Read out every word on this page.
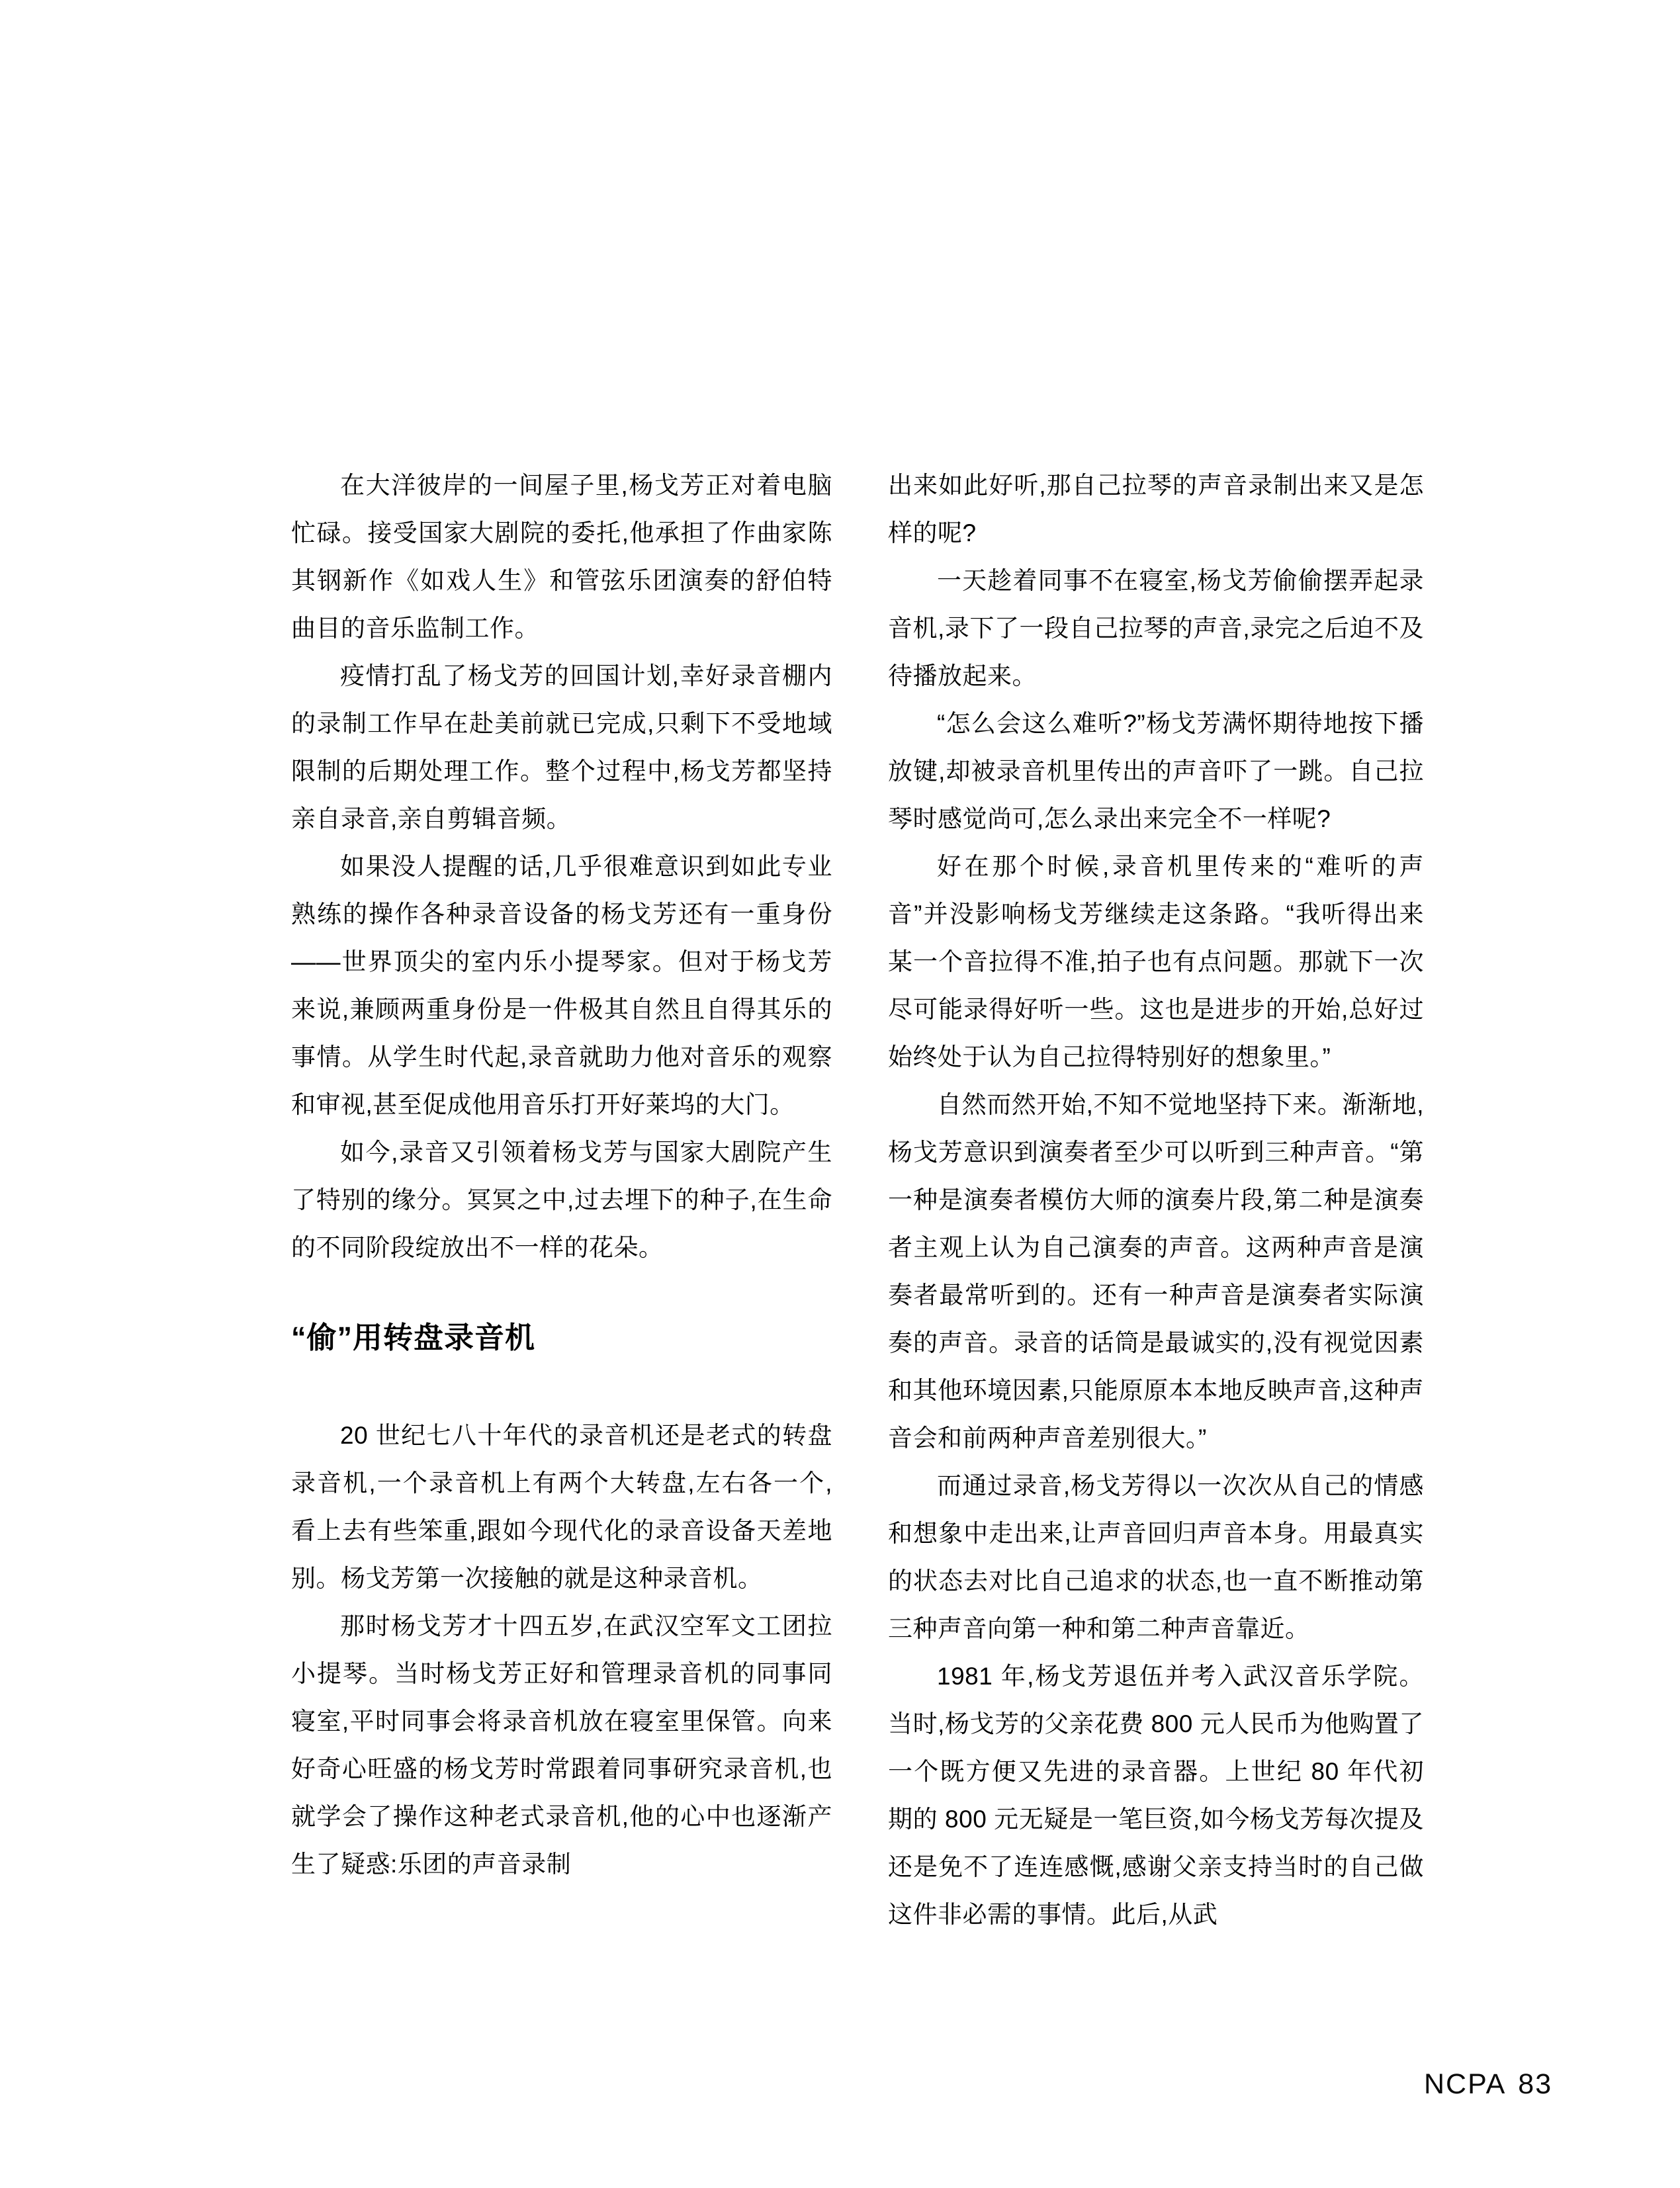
在大洋彼岸的一间屋子里,杨戈芳正对着电脑忙碌。接受国家大剧院的委托,他承担了作曲家陈其钢新作《如戏人生》和管弦乐团演奏的舒伯特曲目的音乐监制工作。

疫情打乱了杨戈芳的回国计划,幸好录音棚内的录制工作早在赴美前就已完成,只剩下不受地域限制的后期处理工作。整个过程中,杨戈芳都坚持亲自录音,亲自剪辑音频。

如果没人提醒的话,几乎很难意识到如此专业熟练的操作各种录音设备的杨戈芳还有一重身份——世界顶尖的室内乐小提琴家。但对于杨戈芳来说,兼顾两重身份是一件极其自然且自得其乐的事情。从学生时代起,录音就助力他对音乐的观察和审视,甚至促成他用音乐打开好莱坞的大门。

如今,录音又引领着杨戈芳与国家大剧院产生了特别的缘分。冥冥之中,过去埋下的种子,在生命的不同阶段绽放出不一样的花朵。

“偷”用转盘录音机

20 世纪七八十年代的录音机还是老式的转盘录音机,一个录音机上有两个大转盘,左右各一个,看上去有些笨重,跟如今现代化的录音设备天差地别。杨戈芳第一次接触的就是这种录音机。

那时杨戈芳才十四五岁,在武汉空军文工团拉小提琴。当时杨戈芳正好和管理录音机的同事同寝室,平时同事会将录音机放在寝室里保管。向来好奇心旺盛的杨戈芳时常跟着同事研究录音机,也就学会了操作这种老式录音机,他的心中也逐渐产生了疑惑:乐团的声音录制

出来如此好听,那自己拉琴的声音录制出来又是怎样的呢?

一天趁着同事不在寝室,杨戈芳偷偷摆弄起录音机,录下了一段自己拉琴的声音,录完之后迫不及待播放起来。

“怎么会这么难听?”杨戈芳满怀期待地按下播放键,却被录音机里传出的声音吓了一跳。自己拉琴时感觉尚可,怎么录出来完全不一样呢?

好在那个时候,录音机里传来的“难听的声音”并没影响杨戈芳继续走这条路。“我听得出来某一个音拉得不准,拍子也有点问题。那就下一次尽可能录得好听一些。这也是进步的开始,总好过始终处于认为自己拉得特别好的想象里。”

自然而然开始,不知不觉地坚持下来。渐渐地,杨戈芳意识到演奏者至少可以听到三种声音。“第一种是演奏者模仿大师的演奏片段,第二种是演奏者主观上认为自己演奏的声音。这两种声音是演奏者最常听到的。还有一种声音是演奏者实际演奏的声音。录音的话筒是最诚实的,没有视觉因素和其他环境因素,只能原原本本地反映声音,这种声音会和前两种声音差别很大。”

而通过录音,杨戈芳得以一次次从自己的情感和想象中走出来,让声音回归声音本身。用最真实的状态去对比自己追求的状态,也一直不断推动第三种声音向第一种和第二种声音靠近。

1981 年,杨戈芳退伍并考入武汉音乐学院。当时,杨戈芳的父亲花费 800 元人民币为他购置了一个既方便又先进的录音器。上世纪 80 年代初期的 800 元无疑是一笔巨资,如今杨戈芳每次提及还是免不了连连感慨,感谢父亲支持当时的自己做这件非必需的事情。此后,从武

NCPA 83
